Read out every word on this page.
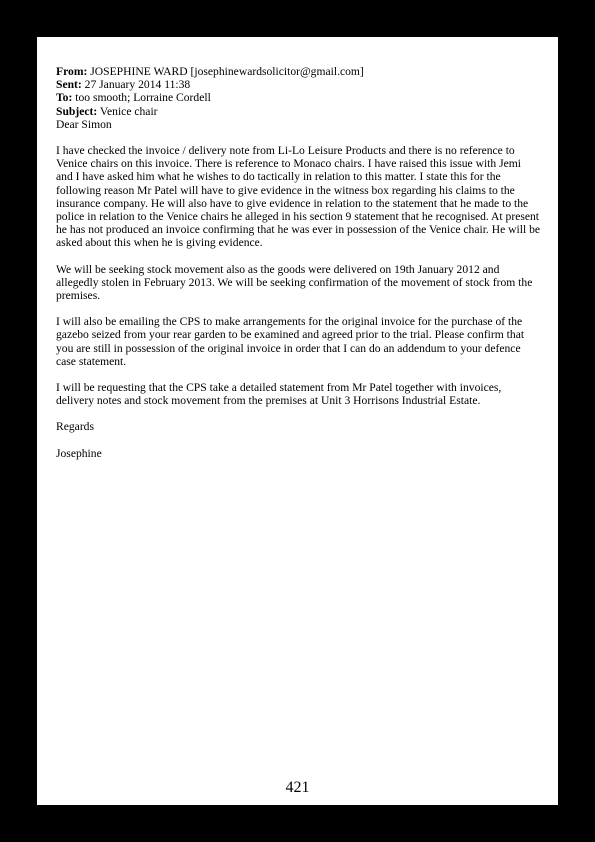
From: JOSEPHINE WARD [josephinewardsolicitor@gmail.com]

Sent: 27 January 2014 11:38

To: too smooth; Lorraine Cordell

Subject: Venice chair

Dear Simon

I have checked the invoice / delivery note from Li-Lo Leisure Products and there is no reference to Venice chairs on this invoice. There is reference to Monaco chairs. I have raised this issue with Jemi and I have asked him what he wishes to do tactically in relation to this matter. I state this for the following reason Mr Patel will have to give evidence in the witness box regarding his claims to the insurance company. He will also have to give evidence in relation to the statement that he made to the police in relation to the Venice chairs he alleged in his section 9 statement that he recognised. At present he has not produced an invoice confirming that he was ever in possession of the Venice chair. He will be asked about this when he is giving evidence.

We will be seeking stock movement also as the goods were delivered on 19th January 2012 and allegedly stolen in February 2013. We will be seeking confirmation of the movement of stock from the premises.

I will also be emailing the CPS to make arrangements for the original invoice for the purchase of the gazebo seized from your rear garden to be examined and agreed prior to the trial. Please confirm that you are still in possession of the original invoice in order that I can do an addendum to your defence case statement.

I will be requesting that the CPS take a detailed statement from Mr Patel together with invoices, delivery notes and stock movement from the premises at Unit 3 Horrisons Industrial Estate.

Regards

Josephine

421
